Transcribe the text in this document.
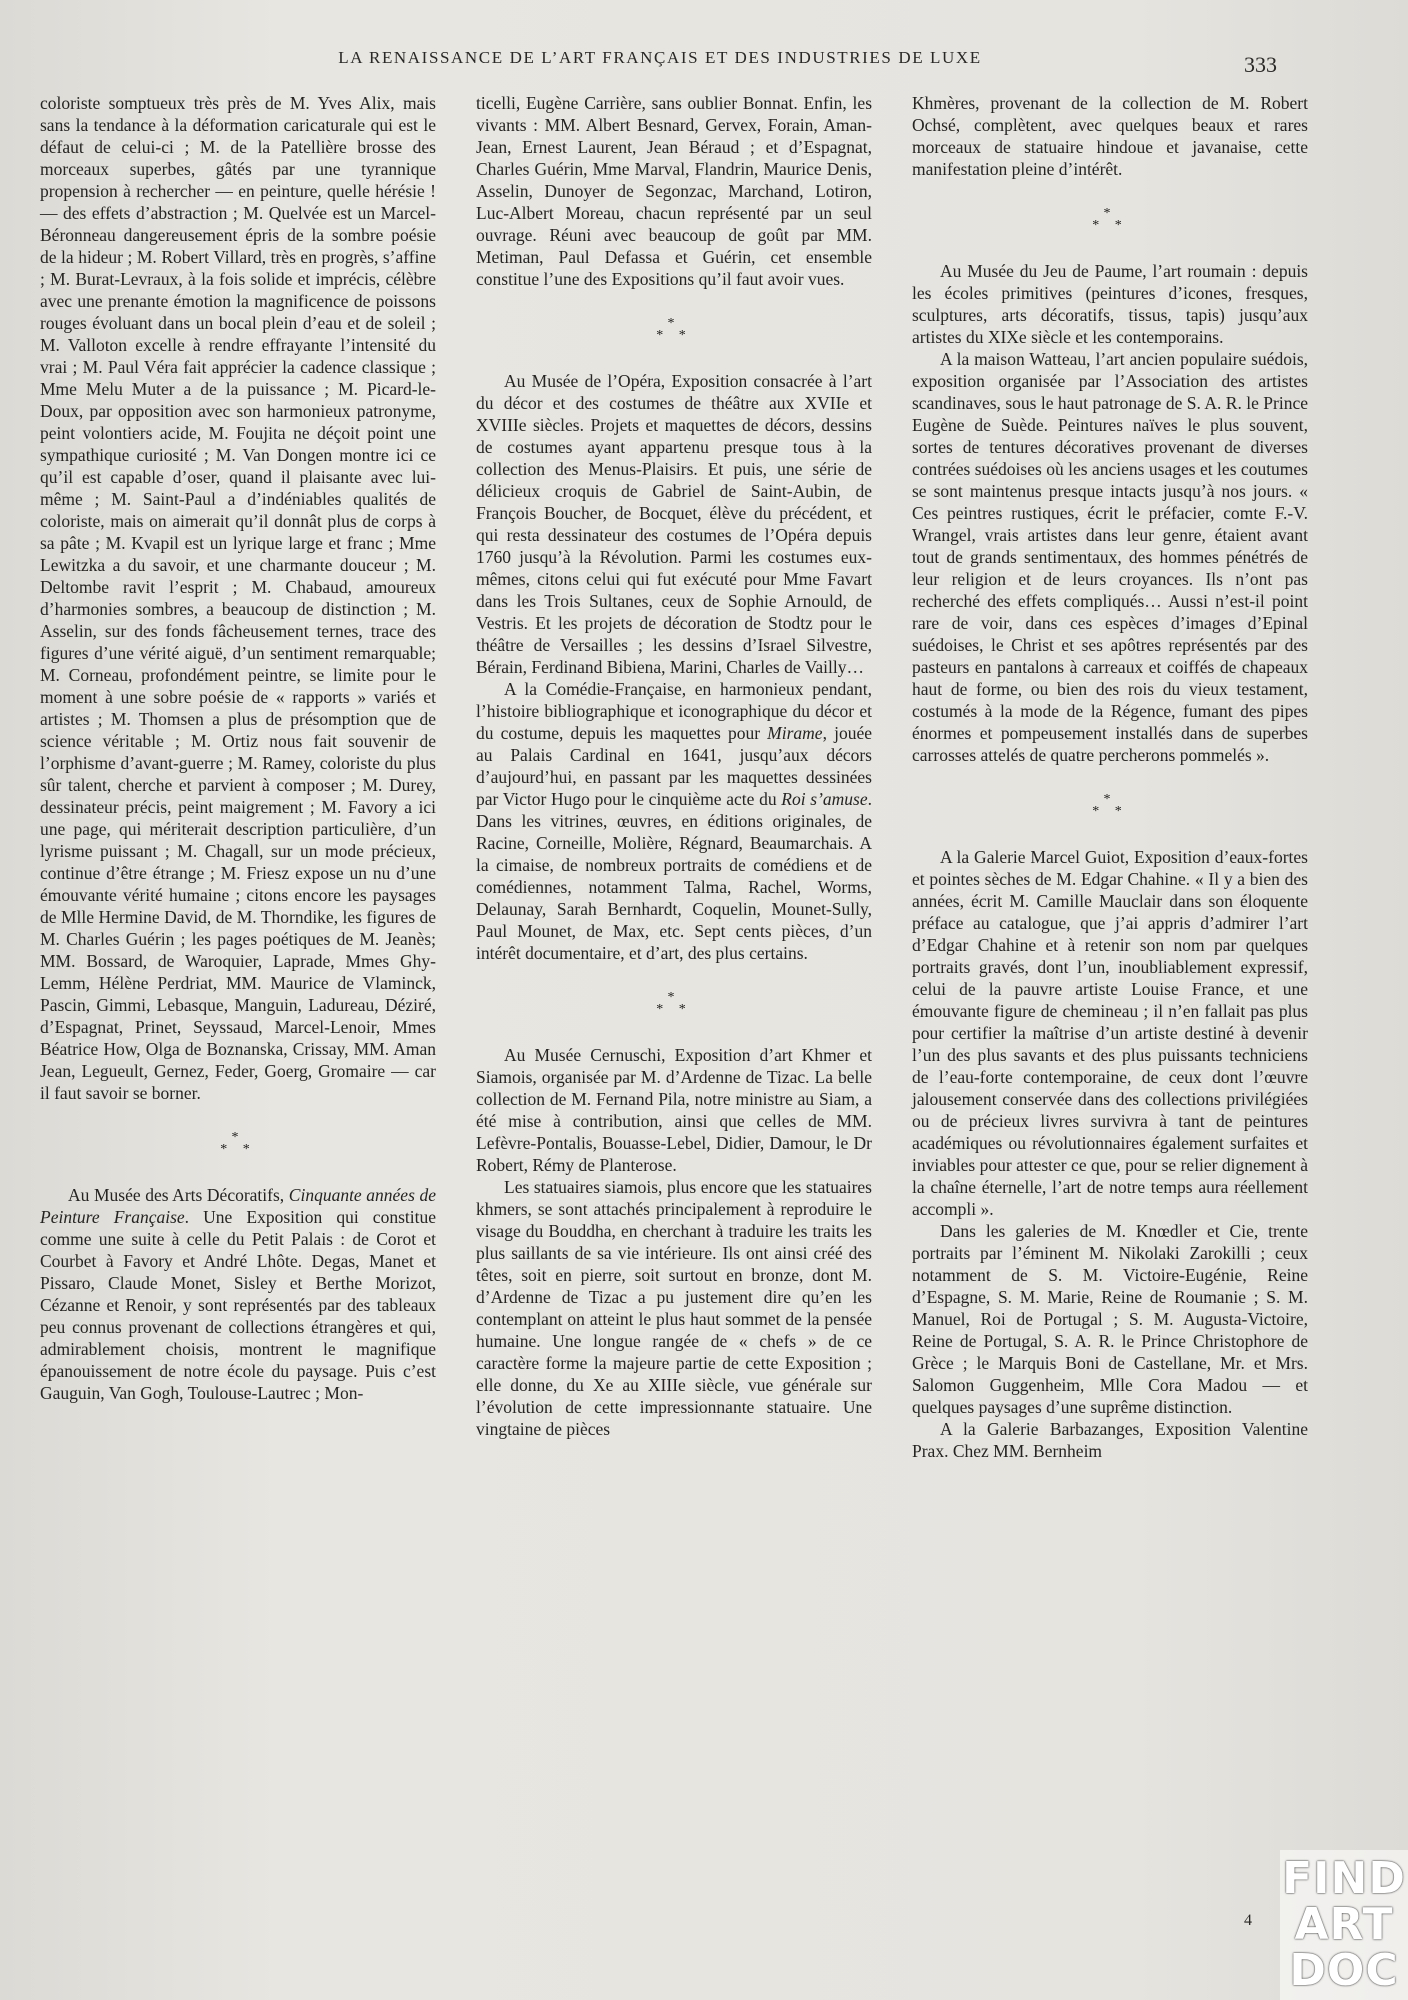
LA RENAISSANCE DE L’ART FRANÇAIS ET DES INDUSTRIES DE LUXE	333

coloriste somptueux très près de M. Yves Alix, mais sans la tendance à la déformation caricaturale qui est le défaut de celui-ci ; M. de la Patellière brosse des morceaux superbes, gâtés par une tyrannique propension à rechercher — en peinture, quelle hérésie ! — des effets d’abstraction ; M. Quelvée est un Marcel-Béronneau dangereusement épris de la sombre poésie de la hideur ; M. Robert Villard, très en progrès, s’affine ; M. Burat-Levraux, à la fois solide et imprécis, célèbre avec une prenante émotion la magnificence de poissons rouges évoluant dans un bocal plein d’eau et de soleil ; M. Valloton excelle à rendre effrayante l’intensité du vrai ; M. Paul Véra fait apprécier la cadence classique ; Mme Melu Muter a de la puissance ; M. Picard-le-Doux, par opposition avec son harmonieux patronyme, peint volontiers acide, M. Foujita ne déçoit point une sympathique curiosité ; M. Van Dongen montre ici ce qu’il est capable d’oser, quand il plaisante avec lui-même ; M. Saint-Paul a d’indéniables qualités de coloriste, mais on aimerait qu’il donnât plus de corps à sa pâte ; M. Kvapil est un lyrique large et franc ; Mme Lewitzka a du savoir, et une charmante douceur ; M. Deltombe ravit l’esprit ; M. Chabaud, amoureux d’harmonies sombres, a beaucoup de distinction ; M. Asselin, sur des fonds fâcheusement ternes, trace des figures d’une vérité aiguë, d’un sentiment remarquable; M. Corneau, profondément peintre, se limite pour le moment à une sobre poésie de « rapports » variés et artistes ; M. Thomsen a plus de présomption que de science véritable ; M. Ortiz nous fait souvenir de l’orphisme d’avant-guerre ; M. Ramey, coloriste du plus sûr talent, cherche et parvient à composer ; M. Durey, dessinateur précis, peint maigrement ; M. Favory a ici une page, qui mériterait description particulière, d’un lyrisme puissant ; M. Chagall, sur un mode précieux, continue d’être étrange ; M. Friesz expose un nu d’une émouvante vérité humaine ; citons encore les paysages de Mlle Hermine David, de M. Thorndike, les figures de M. Charles Guérin ; les pages poétiques de M. Jeanès; MM. Bossard, de Waroquier, Laprade, Mmes Ghy-Lemm, Hélène Perdriat, MM. Maurice de Vlaminck, Pascin, Gimmi, Lebasque, Manguin, Ladureau, Déziré, d’Espagnat, Prinet, Seyssaud, Marcel-Lenoir, Mmes Béatrice How, Olga de Boznanska, Crissay, MM. Aman Jean, Legueult, Gernez, Feder, Goerg, Gromaire — car il faut savoir se borner.

*
* *

Au Musée des Arts Décoratifs, Cinquante années de Peinture Française. Une Exposition qui constitue comme une suite à celle du Petit Palais : de Corot et Courbet à Favory et André Lhôte. Degas, Manet et Pissaro, Claude Monet, Sisley et Berthe Morizot, Cézanne et Renoir, y sont représentés par des tableaux peu connus provenant de collections étrangères et qui, admirablement choisis, montrent le magnifique épanouissement de notre école du paysage. Puis c’est Gauguin, Van Gogh, Toulouse-Lautrec ; Mon-

ticelli, Eugène Carrière, sans oublier Bonnat. Enfin, les vivants : MM. Albert Besnard, Gervex, Forain, Aman-Jean, Ernest Laurent, Jean Béraud ; et d’Espagnat, Charles Guérin, Mme Marval, Flandrin, Maurice Denis, Asselin, Dunoyer de Segonzac, Marchand, Lotiron, Luc-Albert Moreau, chacun représenté par un seul ouvrage. Réuni avec beaucoup de goût par MM. Metiman, Paul Defassa et Guérin, cet ensemble constitue l’une des Expositions qu’il faut avoir vues.

*
* *

Au Musée de l’Opéra, Exposition consacrée à l’art du décor et des costumes de théâtre aux XVIIe et XVIIIe siècles. Projets et maquettes de décors, dessins de costumes ayant appartenu presque tous à la collection des Menus-Plaisirs. Et puis, une série de délicieux croquis de Gabriel de Saint-Aubin, de François Boucher, de Bocquet, élève du précédent, et qui resta dessinateur des costumes de l’Opéra depuis 1760 jusqu’à la Révolution. Parmi les costumes eux-mêmes, citons celui qui fut exécuté pour Mme Favart dans les Trois Sultanes, ceux de Sophie Arnould, de Vestris. Et les projets de décoration de Stodtz pour le théâtre de Versailles ; les dessins d’Israel Silvestre, Bérain, Ferdinand Bibiena, Marini, Charles de Vailly…

A la Comédie-Française, en harmonieux pendant, l’histoire bibliographique et iconographique du décor et du costume, depuis les maquettes pour Mirame, jouée au Palais Cardinal en 1641, jusqu’aux décors d’aujourd’hui, en passant par les maquettes dessinées par Victor Hugo pour le cinquième acte du Roi s’amuse. Dans les vitrines, œuvres, en éditions originales, de Racine, Corneille, Molière, Régnard, Beaumarchais. A la cimaise, de nombreux portraits de comédiens et de comédiennes, notamment Talma, Rachel, Worms, Delaunay, Sarah Bernhardt, Coquelin, Mounet-Sully, Paul Mounet, de Max, etc. Sept cents pièces, d’un intérêt documentaire, et d’art, des plus certains.

*
* *

Au Musée Cernuschi, Exposition d’art Khmer et Siamois, organisée par M. d’Ardenne de Tizac. La belle collection de M. Fernand Pila, notre ministre au Siam, a été mise à contribution, ainsi que celles de MM. Lefèvre-Pontalis, Bouasse-Lebel, Didier, Damour, le Dr Robert, Rémy de Planterose.

Les statuaires siamois, plus encore que les statuaires khmers, se sont attachés principalement à reproduire le visage du Bouddha, en cherchant à traduire les traits les plus saillants de sa vie intérieure. Ils ont ainsi créé des têtes, soit en pierre, soit surtout en bronze, dont M. d’Ardenne de Tizac a pu justement dire qu’en les contemplant on atteint le plus haut sommet de la pensée humaine. Une longue rangée de « chefs » de ce caractère forme la majeure partie de cette Exposition ; elle donne, du Xe au XIIIe siècle, vue générale sur l’évolution de cette impressionnante statuaire. Une vingtaine de pièces

Khmères, provenant de la collection de M. Robert Ochsé, complètent, avec quelques beaux et rares morceaux de statuaire hindoue et javanaise, cette manifestation pleine d’intérêt.

*
* *

Au Musée du Jeu de Paume, l’art roumain : depuis les écoles primitives (peintures d’icones, fresques, sculptures, arts décoratifs, tissus, tapis) jusqu’aux artistes du XIXe siècle et les contemporains.

A la maison Watteau, l’art ancien populaire suédois, exposition organisée par l’Association des artistes scandinaves, sous le haut patronage de S. A. R. le Prince Eugène de Suède. Peintures naïves le plus souvent, sortes de tentures décoratives provenant de diverses contrées suédoises où les anciens usages et les coutumes se sont maintenus presque intacts jusqu’à nos jours. « Ces peintres rustiques, écrit le préfacier, comte F.-V. Wrangel, vrais artistes dans leur genre, étaient avant tout de grands sentimentaux, des hommes pénétrés de leur religion et de leurs croyances. Ils n’ont pas recherché des effets compliqués… Aussi n’est-il point rare de voir, dans ces espèces d’images d’Epinal suédoises, le Christ et ses apôtres représentés par des pasteurs en pantalons à carreaux et coiffés de chapeaux haut de forme, ou bien des rois du vieux testament, costumés à la mode de la Régence, fumant des pipes énormes et pompeusement installés dans de superbes carrosses attelés de quatre percherons pommelés ».

*
* *

A la Galerie Marcel Guiot, Exposition d’eaux-fortes et pointes sèches de M. Edgar Chahine. « Il y a bien des années, écrit M. Camille Mauclair dans son éloquente préface au catalogue, que j’ai appris d’admirer l’art d’Edgar Chahine et à retenir son nom par quelques portraits gravés, dont l’un, inoubliablement expressif, celui de la pauvre artiste Louise France, et une émouvante figure de chemineau ; il n’en fallait pas plus pour certifier la maîtrise d’un artiste destiné à devenir l’un des plus savants et des plus puissants techniciens de l’eau-forte contemporaine, de ceux dont l’œuvre jalousement conservée dans des collections privilégiées ou de précieux livres survivra à tant de peintures académiques ou révolutionnaires également surfaites et inviables pour attester ce que, pour se relier dignement à la chaîne éternelle, l’art de notre temps aura réellement accompli ».

Dans les galeries de M. Knœdler et Cie, trente portraits par l’éminent M. Nikolaki Zarokilli ; ceux notamment de S. M. Victoire-Eugénie, Reine d’Espagne, S. M. Marie, Reine de Roumanie ; S. M. Manuel, Roi de Portugal ; S. M. Augusta-Victoire, Reine de Portugal, S. A. R. le Prince Christophore de Grèce ; le Marquis Boni de Castellane, Mr. et Mrs. Salomon Guggenheim, Mlle Cora Madou — et quelques paysages d’une suprême distinction.

A la Galerie Barbazanges, Exposition Valentine Prax. Chez MM. Bernheim

4
FIND
ART
DOC
